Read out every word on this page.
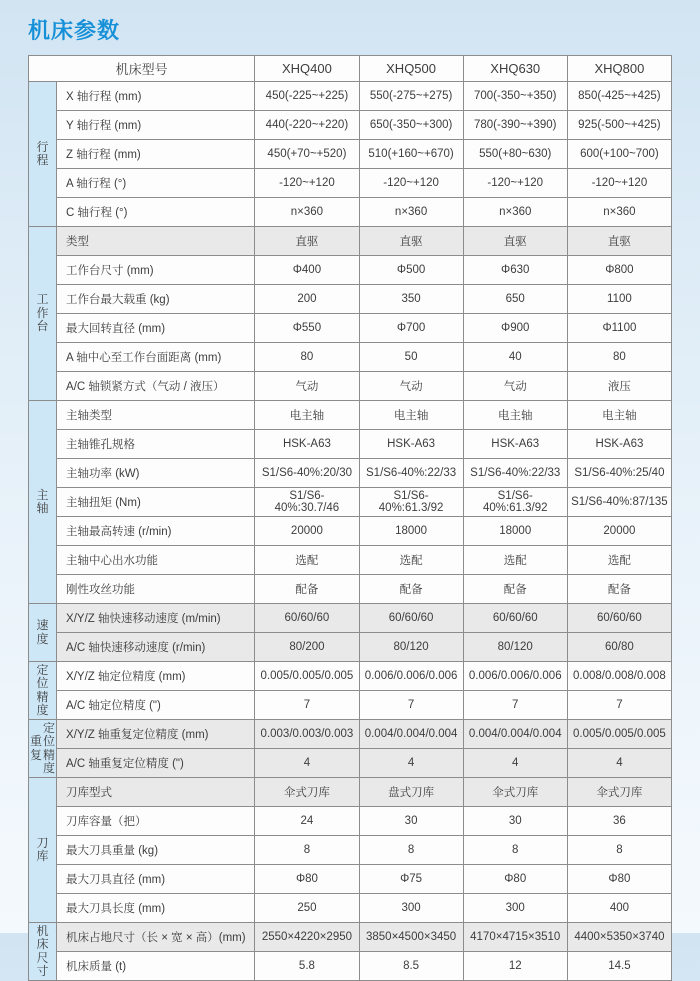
机床参数
机床型号		XHQ400	XHQ500	XHQ630	XHQ800

行
程	X 轴行程 (mm)	450(-225~+225)	550(-275~+275)	700(-350~+350)	850(-425~+425)
	Y 轴行程 (mm)	440(-220~+220)	650(-350~+300)	780(-390~+390)	925(-500~+425)
	Z 轴行程 (mm)	450(+70~+520)	510(+160~+670)	550(+80~630)	600(+100~700)
	A 轴行程 (°)	-120~+120	-120~+120	-120~+120	-120~+120
	C 轴行程 (°)	n×360	n×360	n×360	n×360

工
作
台	类型	直驱	直驱	直驱	直驱
	工作台尺寸 (mm)	Φ400	Φ500	Φ630	Φ800
	工作台最大载重 (kg)	200	350	650	1100
	最大回转直径 (mm)	Φ550	Φ700	Φ900	Φ1100
	A 轴中心至工作台面距离 (mm)	80	50	40	80
	A/C 轴锁紧方式（气动 / 液压）	气动	气动	气动	液压

主
轴	主轴类型	电主轴	电主轴	电主轴	电主轴
	主轴锥孔规格	HSK-A63	HSK-A63	HSK-A63	HSK-A63
	主轴功率 (kW)	S1/S6-40%:20/30	S1/S6-40%:22/33	S1/S6-40%:22/33	S1/S6-40%:25/40
	主轴扭矩 (Nm)	S1/S6-40%:30.7/46	S1/S6-40%:61.3/92	S1/S6-40%:61.3/92	S1/S6-40%:87/135
	主轴最高转速 (r/min)	20000	18000	18000	20000
	主轴中心出水功能	选配	选配	选配	选配
	刚性攻丝功能	配备	配备	配备	配备

速
度	X/Y/Z 轴快速移动速度 (m/min)	60/60/60	60/60/60	60/60/60	60/60/60
	A/C 轴快速移动速度 (r/min)	80/200	80/120	80/120	60/80

定
位
精
度	X/Y/Z 轴定位精度 (mm)	0.005/0.005/0.005	0.006/0.006/0.006	0.006/0.006/0.006	0.008/0.008/0.008
	A/C 轴定位精度 (")	7	7	7	7

重
复
定
位
精
度
	X/Y/Z 轴重复定位精度 (mm)	0.003/0.003/0.003	0.004/0.004/0.004	0.004/0.004/0.004	0.005/0.005/0.005
	A/C 轴重复定位精度 (")	4	4	4	4

刀
库	刀库型式	伞式刀库	盘式刀库	伞式刀库	伞式刀库
	刀库容量（把）	24	30	30	36
	最大刀具重量 (kg)	8	8	8	8
	最大刀具直径 (mm)	Φ80	Φ75	Φ80	Φ80
	最大刀具长度 (mm)	250	300	300	400

机
床
尺
寸	机床占地尺寸（长 × 宽 × 高）(mm)	2550×4220×2950	3850×4500×3450	4170×4715×3510	4400×5350×3740
	机床质量 (t)	5.8	8.5	12	14.5
